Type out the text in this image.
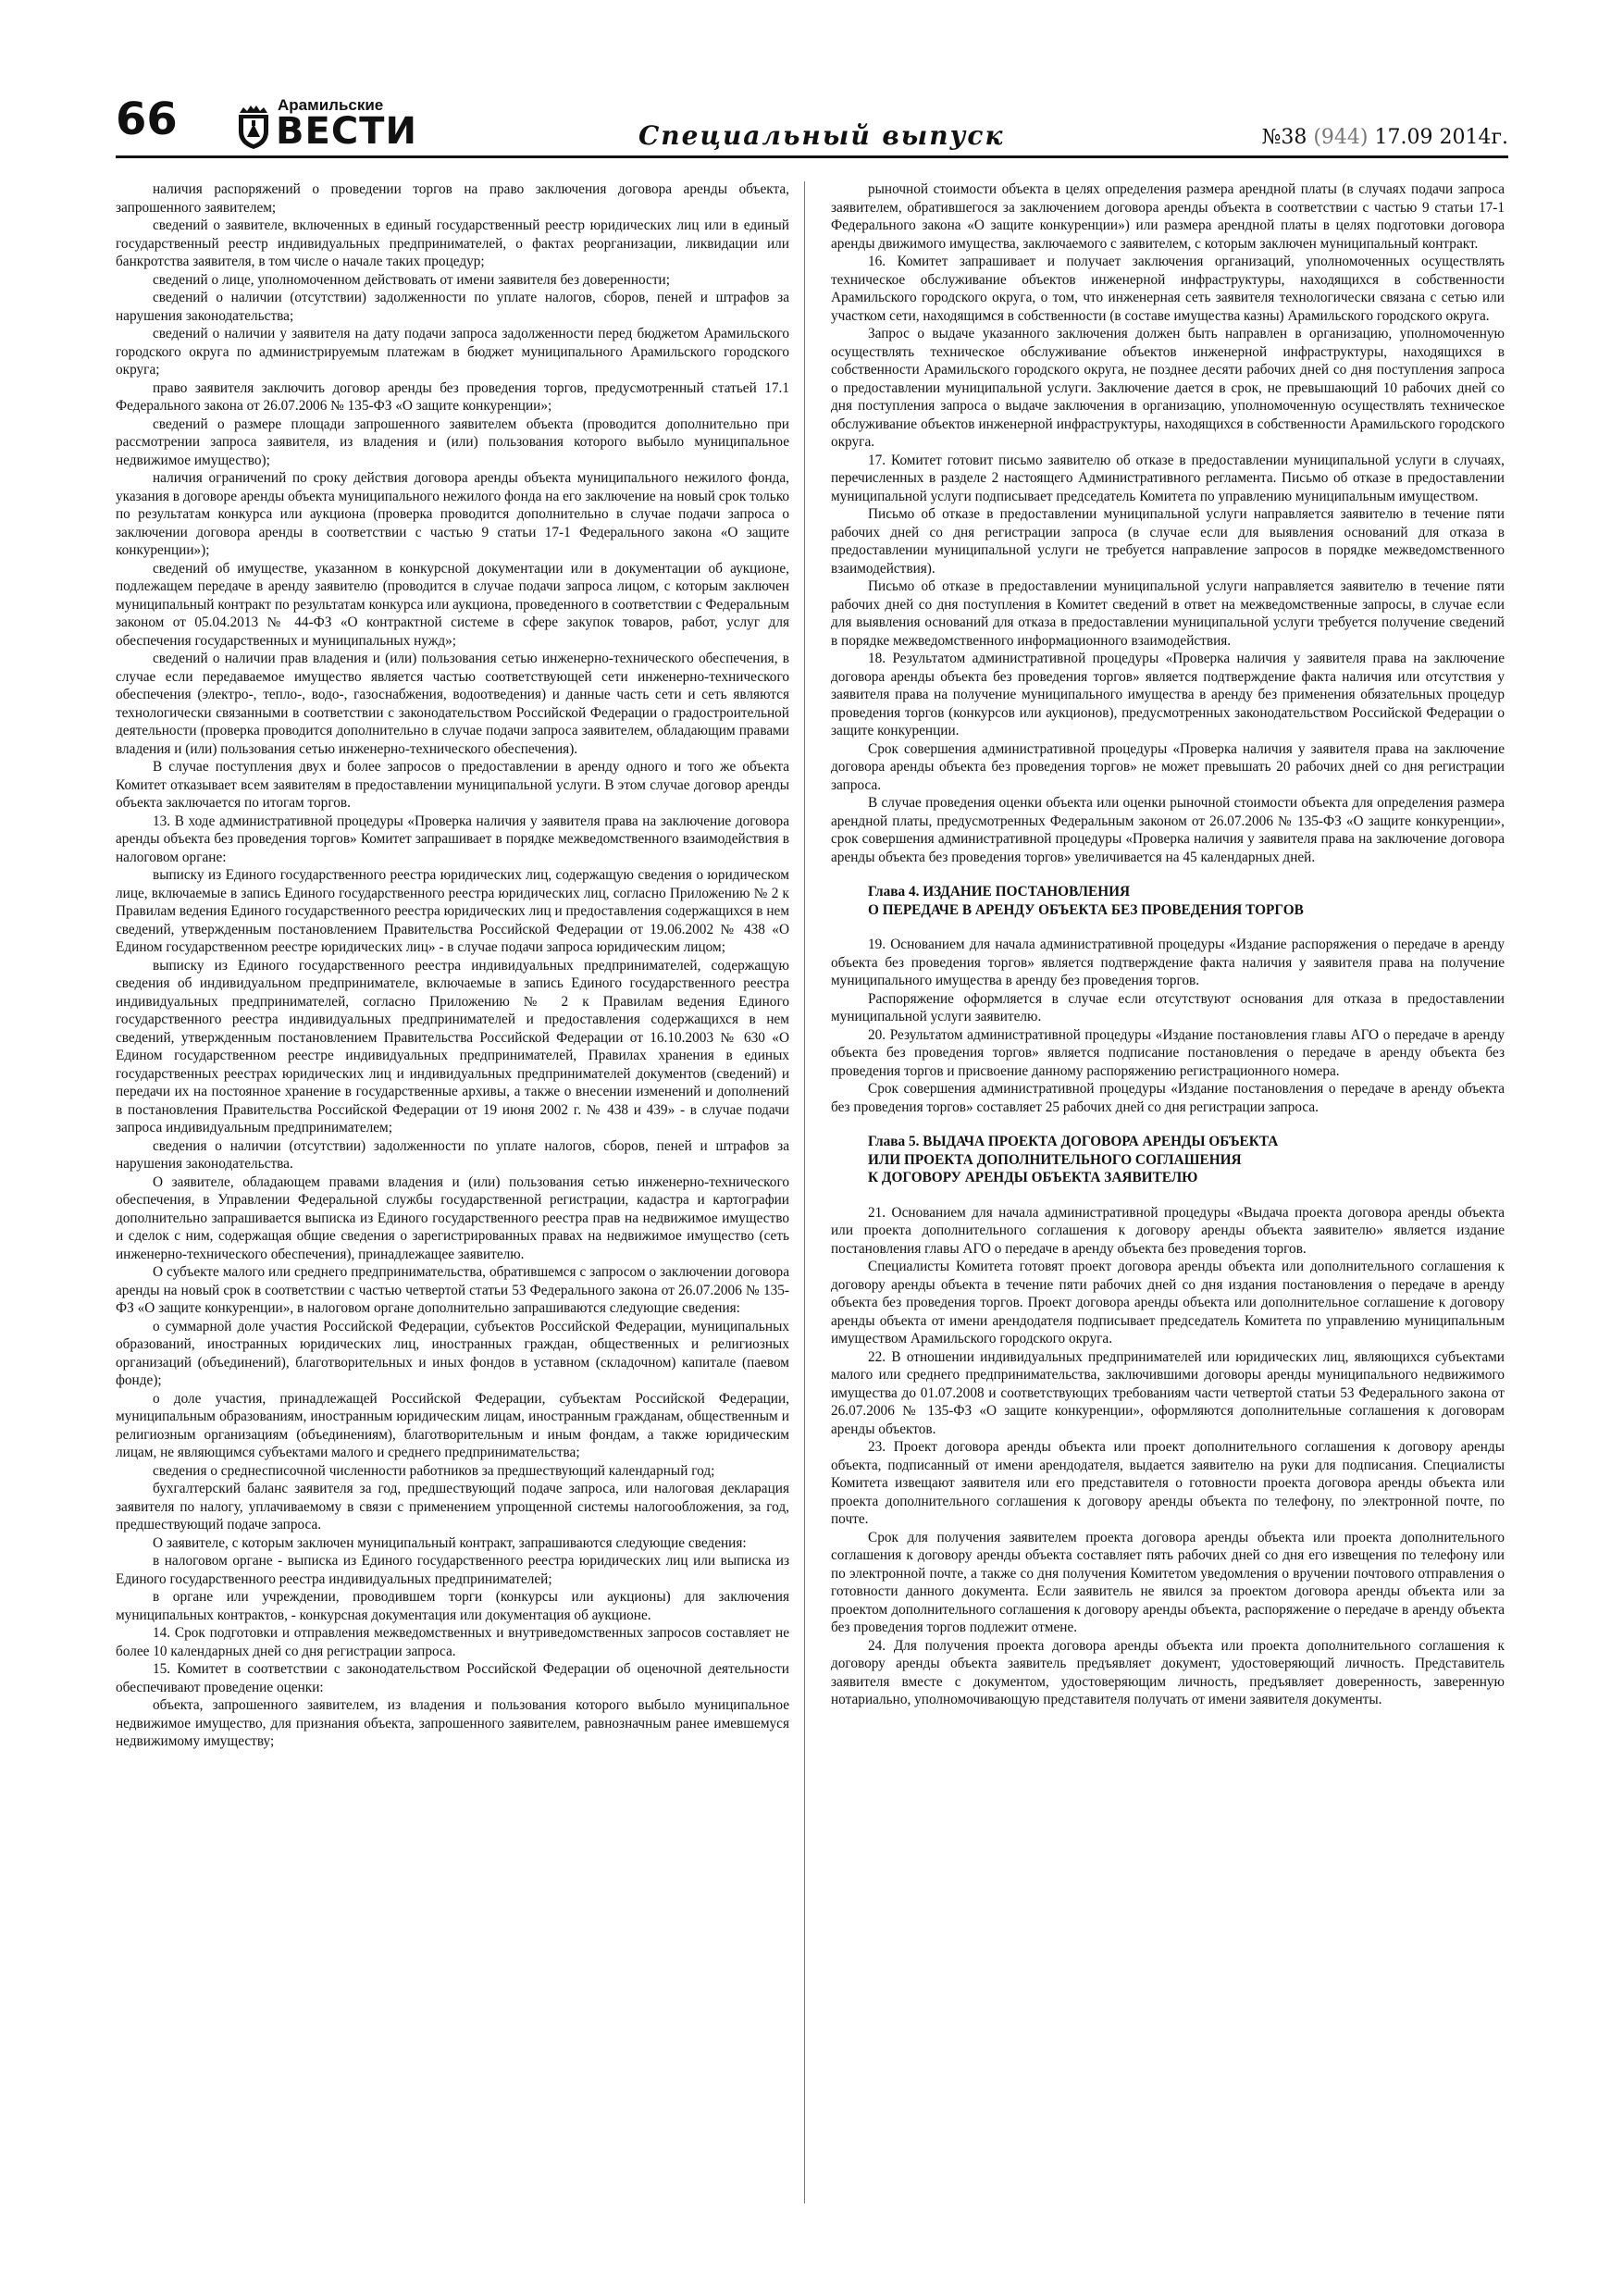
66	Арамильские
ВЕСТИ	Специальный выпуск	№38 (944) 17.09 2014г.

наличия распоряжений о проведении торгов на право заключения договора аренды объекта, запрошенного заявителем;

сведений о заявителе, включенных в единый государственный реестр юридических лиц или в единый государственный реестр индивидуальных предпринимателей, о фактах реорганизации, ликвидации или банкротства заявителя, в том числе о начале таких процедур;

сведений о лице, уполномоченном действовать от имени заявителя без доверенности;

сведений о наличии (отсутствии) задолженности по уплате налогов, сборов, пеней и штрафов за нарушения законодательства;

сведений о наличии у заявителя на дату подачи запроса задолженности перед бюджетом Арамильского городского округа по администрируемым платежам в бюджет муниципального Арамильского городского округа;

право заявителя заключить договор аренды без проведения торгов, предусмотренный статьей 17.1 Федерального закона от 26.07.2006 № 135-ФЗ «О защите конкуренции»;

сведений о размере площади запрошенного заявителем объекта (проводится дополнительно при рассмотрении запроса заявителя, из владения и (или) пользования которого выбыло муниципальное недвижимое имущество);

наличия ограничений по сроку действия договора аренды объекта муниципального нежилого фонда, указания в договоре аренды объекта муниципального нежилого фонда на его заключение на новый срок только по результатам конкурса или аукциона (проверка проводится дополнительно в случае подачи запроса о заключении договора аренды в соответствии с частью 9 статьи 17-1 Федерального закона «О защите конкуренции»);

сведений об имуществе, указанном в конкурсной документации или в документации об аукционе, подлежащем передаче в аренду заявителю (проводится в случае подачи запроса лицом, с которым заключен муниципальный контракт по результатам конкурса или аукциона, проведенного в соответствии с Федеральным законом от 05.04.2013 № 44-ФЗ «О контрактной системе в сфере закупок товаров, работ, услуг для обеспечения государственных и муниципальных нужд»;

сведений о наличии прав владения и (или) пользования сетью инженерно-технического обеспечения, в случае если передаваемое имущество является частью соответствующей сети инженерно-технического обеспечения (электро-, тепло-, водо-, газоснабжения, водоотведения) и данные часть сети и сеть являются технологически связанными в соответствии с законодательством Российской Федерации о градостроительной деятельности (проверка проводится дополнительно в случае подачи запроса заявителем, обладающим правами владения и (или) пользования сетью инженерно-технического обеспечения).

В случае поступления двух и более запросов о предоставлении в аренду одного и того же объекта Комитет отказывает всем заявителям в предоставлении муниципальной услуги. В этом случае договор аренды объекта заключается по итогам торгов.

13. В ходе административной процедуры «Проверка наличия у заявителя права на заключение договора аренды объекта без проведения торгов» Комитет запрашивает в порядке межведомственного взаимодействия в налоговом органе:

выписку из Единого государственного реестра юридических лиц, содержащую сведения о юридическом лице, включаемые в запись Единого государственного реестра юридических лиц, согласно Приложению № 2 к Правилам ведения Единого государственного реестра юридических лиц и предоставления содержащихся в нем сведений, утвержденным постановлением Правительства Российской Федерации от 19.06.2002 № 438 «О Едином государственном реестре юридических лиц» - в случае подачи запроса юридическим лицом;

выписку из Единого государственного реестра индивидуальных предпринимателей, содержащую сведения об индивидуальном предпринимателе, включаемые в запись Единого государственного реестра индивидуальных предпринимателей, согласно Приложению № 2 к Правилам ведения Единого государственного реестра индивидуальных предпринимателей и предоставления содержащихся в нем сведений, утвержденным постановлением Правительства Российской Федерации от 16.10.2003 № 630 «О Едином государственном реестре индивидуальных предпринимателей, Правилах хранения в единых государственных реестрах юридических лиц и индивидуальных предпринимателей документов (сведений) и передачи их на постоянное хранение в государственные архивы, а также о внесении изменений и дополнений в постановления Правительства Российской Федерации от 19 июня 2002 г. № 438 и 439» - в случае подачи запроса индивидуальным предпринимателем;

сведения о наличии (отсутствии) задолженности по уплате налогов, сборов, пеней и штрафов за нарушения законодательства.

О заявителе, обладающем правами владения и (или) пользования сетью инженерно-технического обеспечения, в Управлении Федеральной службы государственной регистрации, кадастра и картографии дополнительно запрашивается выписка из Единого государственного реестра прав на недвижимое имущество и сделок с ним, содержащая общие сведения о зарегистрированных правах на недвижимое имущество (сеть инженерно-технического обеспечения), принадлежащее заявителю.

О субъекте малого или среднего предпринимательства, обратившемся с запросом о заключении договора аренды на новый срок в соответствии с частью четвертой статьи 53 Федерального закона от 26.07.2006 № 135-ФЗ «О защите конкуренции», в налоговом органе дополнительно запрашиваются следующие сведения:

о суммарной доле участия Российской Федерации, субъектов Российской Федерации, муниципальных образований, иностранных юридических лиц, иностранных граждан, общественных и религиозных организаций (объединений), благотворительных и иных фондов в уставном (складочном) капитале (паевом фонде);

о доле участия, принадлежащей Российской Федерации, субъектам Российской Федерации, муниципальным образованиям, иностранным юридическим лицам, иностранным гражданам, общественным и религиозным организациям (объединениям), благотворительным и иным фондам, а также юридическим лицам, не являющимся субъектами малого и среднего предпринимательства;

сведения о среднесписочной численности работников за предшествующий календарный год;

бухгалтерский баланс заявителя за год, предшествующий подаче запроса, или налоговая декларация заявителя по налогу, уплачиваемому в связи с применением упрощенной системы налогообложения, за год, предшествующий подаче запроса.

О заявителе, с которым заключен муниципальный контракт, запрашиваются следующие сведения:

в налоговом органе - выписка из Единого государственного реестра юридических лиц или выписка из Единого государственного реестра индивидуальных предпринимателей;

в органе или учреждении, проводившем торги (конкурсы или аукционы) для заключения муниципальных контрактов, - конкурсная документация или документация об аукционе.

14. Срок подготовки и отправления межведомственных и внутриведомственных запросов составляет не более 10 календарных дней со дня регистрации запроса.

15. Комитет в соответствии с законодательством Российской Федерации об оценочной деятельности обеспечивают проведение оценки:

объекта, запрошенного заявителем, из владения и пользования которого выбыло муниципальное недвижимое имущество, для признания объекта, запрошенного заявителем, равнозначным ранее имевшемуся недвижимому имуществу;

рыночной стоимости объекта в целях определения размера арендной платы (в случаях подачи запроса заявителем, обратившегося за заключением договора аренды объекта в соответствии с частью 9 статьи 17-1 Федерального закона «О защите конкуренции») или размера арендной платы в целях подготовки договора аренды движимого имущества, заключаемого с заявителем, с которым заключен муниципальный контракт.

16. Комитет запрашивает и получает заключения организаций, уполномоченных осуществлять техническое обслуживание объектов инженерной инфраструктуры, находящихся в собственности Арамильского городского округа, о том, что инженерная сеть заявителя технологически связана с сетью или участком сети, находящимся в собственности (в составе имущества казны) Арамильского городского округа.

Запрос о выдаче указанного заключения должен быть направлен в организацию, уполномоченную осуществлять техническое обслуживание объектов инженерной инфраструктуры, находящихся в собственности Арамильского городского округа, не позднее десяти рабочих дней со дня поступления запроса о предоставлении муниципальной услуги. Заключение дается в срок, не превышающий 10 рабочих дней со дня поступления запроса о выдаче заключения в организацию, уполномоченную осуществлять техническое обслуживание объектов инженерной инфраструктуры, находящихся в собственности Арамильского городского округа.

17. Комитет готовит письмо заявителю об отказе в предоставлении муниципальной услуги в случаях, перечисленных в разделе 2 настоящего Административного регламента. Письмо об отказе в предоставлении муниципальной услуги подписывает председатель Комитета по управлению муниципальным имуществом.

Письмо об отказе в предоставлении муниципальной услуги направляется заявителю в течение пяти рабочих дней со дня регистрации запроса (в случае если для выявления оснований для отказа в предоставлении муниципальной услуги не требуется направление запросов в порядке межведомственного взаимодействия).

Письмо об отказе в предоставлении муниципальной услуги направляется заявителю в течение пяти рабочих дней со дня поступления в Комитет сведений в ответ на межведомственные запросы, в случае если для выявления оснований для отказа в предоставлении муниципальной услуги требуется получение сведений в порядке межведомственного информационного взаимодействия.

18. Результатом административной процедуры «Проверка наличия у заявителя права на заключение договора аренды объекта без проведения торгов» является подтверждение факта наличия или отсутствия у заявителя права на получение муниципального имущества в аренду без применения обязательных процедур проведения торгов (конкурсов или аукционов), предусмотренных законодательством Российской Федерации о защите конкуренции.

Срок совершения административной процедуры «Проверка наличия у заявителя права на заключение договора аренды объекта без проведения торгов» не может превышать 20 рабочих дней со дня регистрации запроса.

В случае проведения оценки объекта или оценки рыночной стоимости объекта для определения размера арендной платы, предусмотренных Федеральным законом от 26.07.2006 № 135-ФЗ «О защите конкуренции», срок совершения административной процедуры «Проверка наличия у заявителя права на заключение договора аренды объекта без проведения торгов» увеличивается на 45 календарных дней.

Глава 4. ИЗДАНИЕ ПОСТАНОВЛЕНИЯ
О ПЕРЕДАЧЕ В АРЕНДУ ОБЪЕКТА БЕЗ ПРОВЕДЕНИЯ ТОРГОВ

19. Основанием для начала административной процедуры «Издание распоряжения о передаче в аренду объекта без проведения торгов» является подтверждение факта наличия у заявителя права на получение муниципального имущества в аренду без проведения торгов.

Распоряжение оформляется в случае если отсутствуют основания для отказа в предоставлении муниципальной услуги заявителю.

20. Результатом административной процедуры «Издание постановления главы АГО о передаче в аренду объекта без проведения торгов» является подписание постановления о передаче в аренду объекта без проведения торгов и присвоение данному распоряжению регистрационного номера.

Срок совершения административной процедуры «Издание постановления о передаче в аренду объекта без проведения торгов» составляет 25 рабочих дней со дня регистрации запроса.

Глава 5. ВЫДАЧА ПРОЕКТА ДОГОВОРА АРЕНДЫ ОБЪЕКТА
ИЛИ ПРОЕКТА ДОПОЛНИТЕЛЬНОГО СОГЛАШЕНИЯ
К ДОГОВОРУ АРЕНДЫ ОБЪЕКТА ЗАЯВИТЕЛЮ

21. Основанием для начала административной процедуры «Выдача проекта договора аренды объекта или проекта дополнительного соглашения к договору аренды объекта заявителю» является издание постановления главы АГО о передаче в аренду объекта без проведения торгов.

Специалисты Комитета готовят проект договора аренды объекта или дополнительного соглашения к договору аренды объекта в течение пяти рабочих дней со дня издания постановления о передаче в аренду объекта без проведения торгов. Проект договора аренды объекта или дополнительное соглашение к договору аренды объекта от имени арендодателя подписывает председатель Комитета по управлению муниципальным имуществом Арамильского городского округа.

22. В отношении индивидуальных предпринимателей или юридических лиц, являющихся субъектами малого или среднего предпринимательства, заключившими договоры аренды муниципального недвижимого имущества до 01.07.2008 и соответствующих требованиям части четвертой статьи 53 Федерального закона от 26.07.2006 № 135-ФЗ «О защите конкуренции», оформляются дополнительные соглашения к договорам аренды объектов.

23. Проект договора аренды объекта или проект дополнительного соглашения к договору аренды объекта, подписанный от имени арендодателя, выдается заявителю на руки для подписания. Специалисты Комитета извещают заявителя или его представителя о готовности проекта договора аренды объекта или проекта дополнительного соглашения к договору аренды объекта по телефону, по электронной почте, по почте.

Срок для получения заявителем проекта договора аренды объекта или проекта дополнительного соглашения к договору аренды объекта составляет пять рабочих дней со дня его извещения по телефону или по электронной почте, а также со дня получения Комитетом уведомления о вручении почтового отправления о готовности данного документа. Если заявитель не явился за проектом договора аренды объекта или за проектом дополнительного соглашения к договору аренды объекта, распоряжение о передаче в аренду объекта без проведения торгов подлежит отмене.

24. Для получения проекта договора аренды объекта или проекта дополнительного соглашения к договору аренды объекта заявитель предъявляет документ, удостоверяющий личность. Представитель заявителя вместе с документом, удостоверяющим личность, предъявляет доверенность, заверенную нотариально, уполномочивающую представителя получать от имени заявителя документы.
